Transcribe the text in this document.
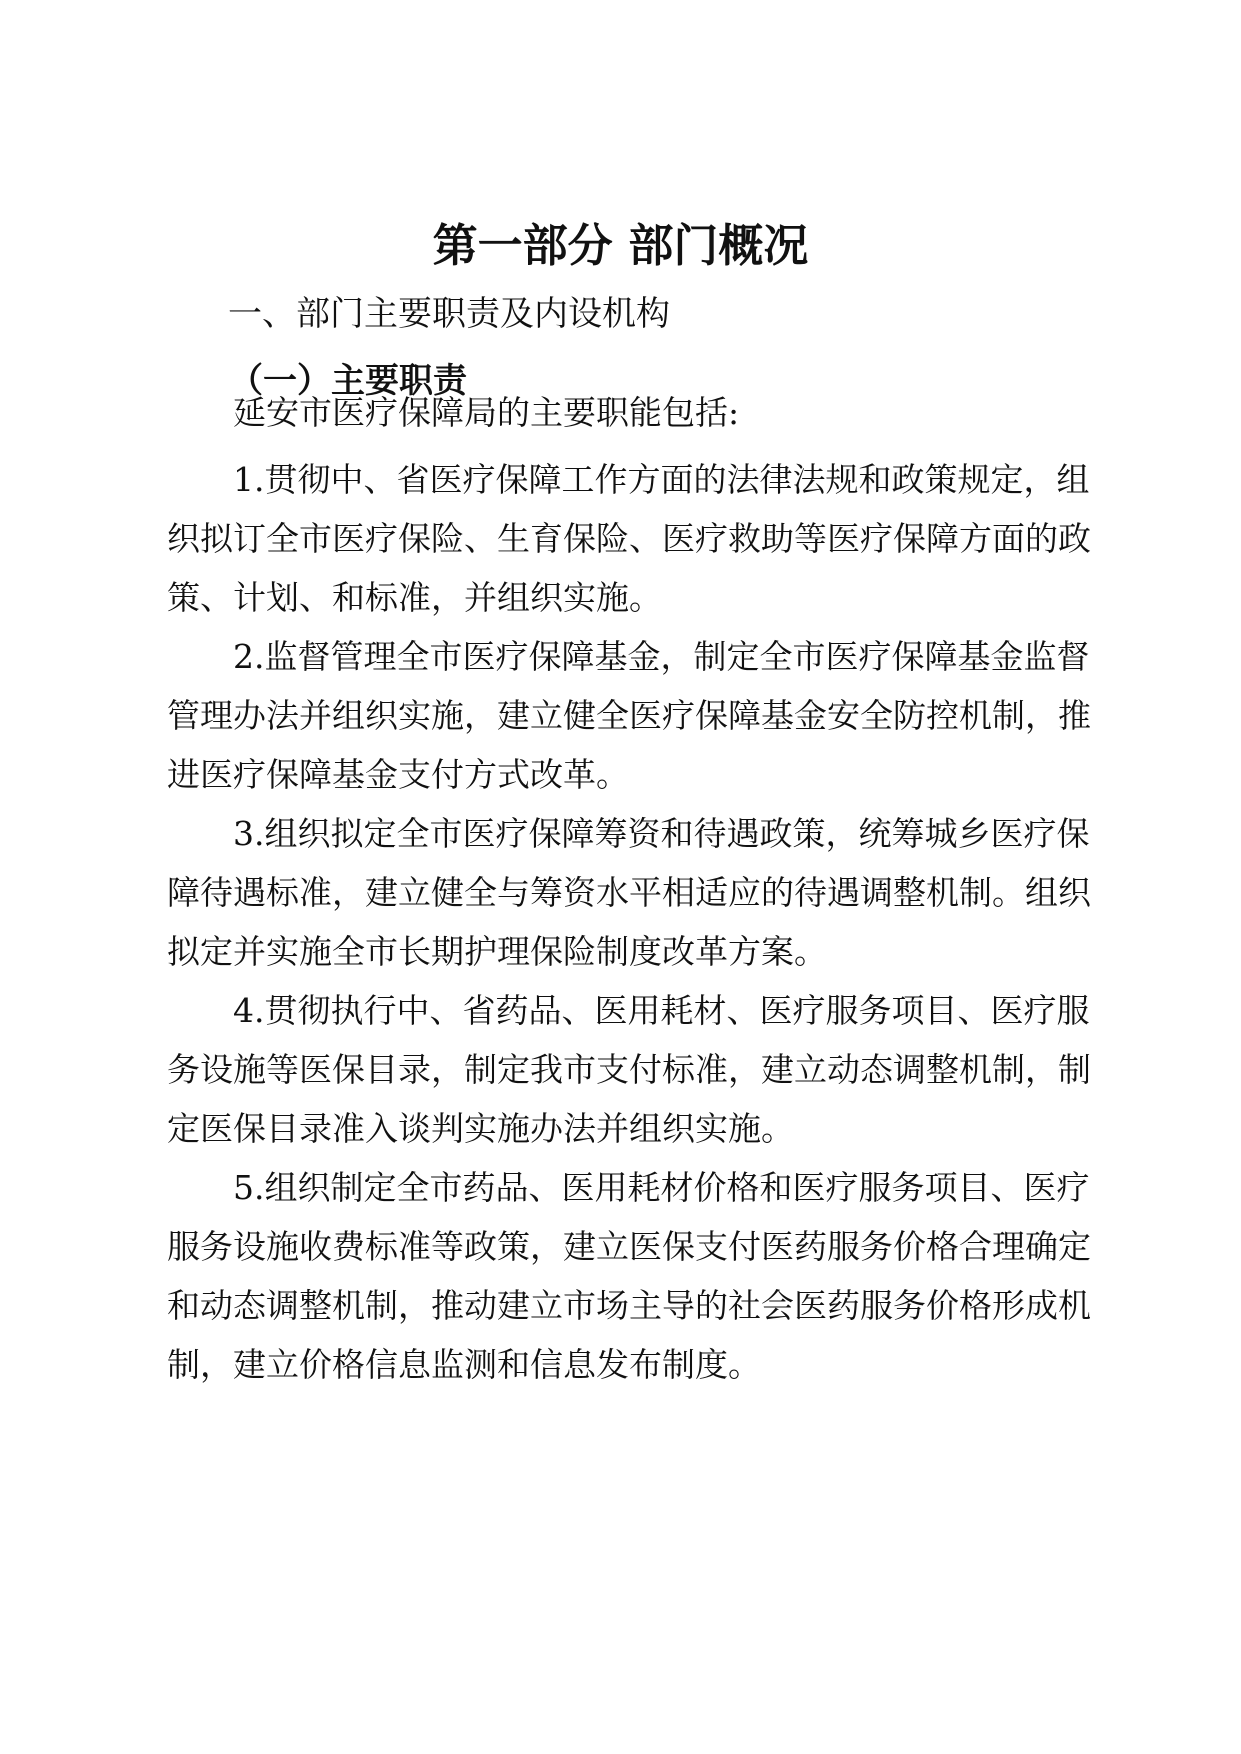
第一部分 部门概况
一、部门主要职责及内设机构
（一）主要职责
延安市医疗保障局的主要职能包括:
1.贯彻中、省医疗保障工作方面的法律法规和政策规定，组
织拟订全市医疗保险、生育保险、医疗救助等医疗保障方面的政
策、计划、和标准，并组织实施。
2.监督管理全市医疗保障基金，制定全市医疗保障基金监督
管理办法并组织实施，建立健全医疗保障基金安全防控机制，推
进医疗保障基金支付方式改革。
3.组织拟定全市医疗保障筹资和待遇政策，统筹城乡医疗保
障待遇标准，建立健全与筹资水平相适应的待遇调整机制。组织
拟定并实施全市长期护理保险制度改革方案。
4.贯彻执行中、省药品、医用耗材、医疗服务项目、医疗服
务设施等医保目录，制定我市支付标准，建立动态调整机制，制
定医保目录准入谈判实施办法并组织实施。
5.组织制定全市药品、医用耗材价格和医疗服务项目、医疗
服务设施收费标准等政策，建立医保支付医药服务价格合理确定
和动态调整机制，推动建立市场主导的社会医药服务价格形成机
制，建立价格信息监测和信息发布制度。
